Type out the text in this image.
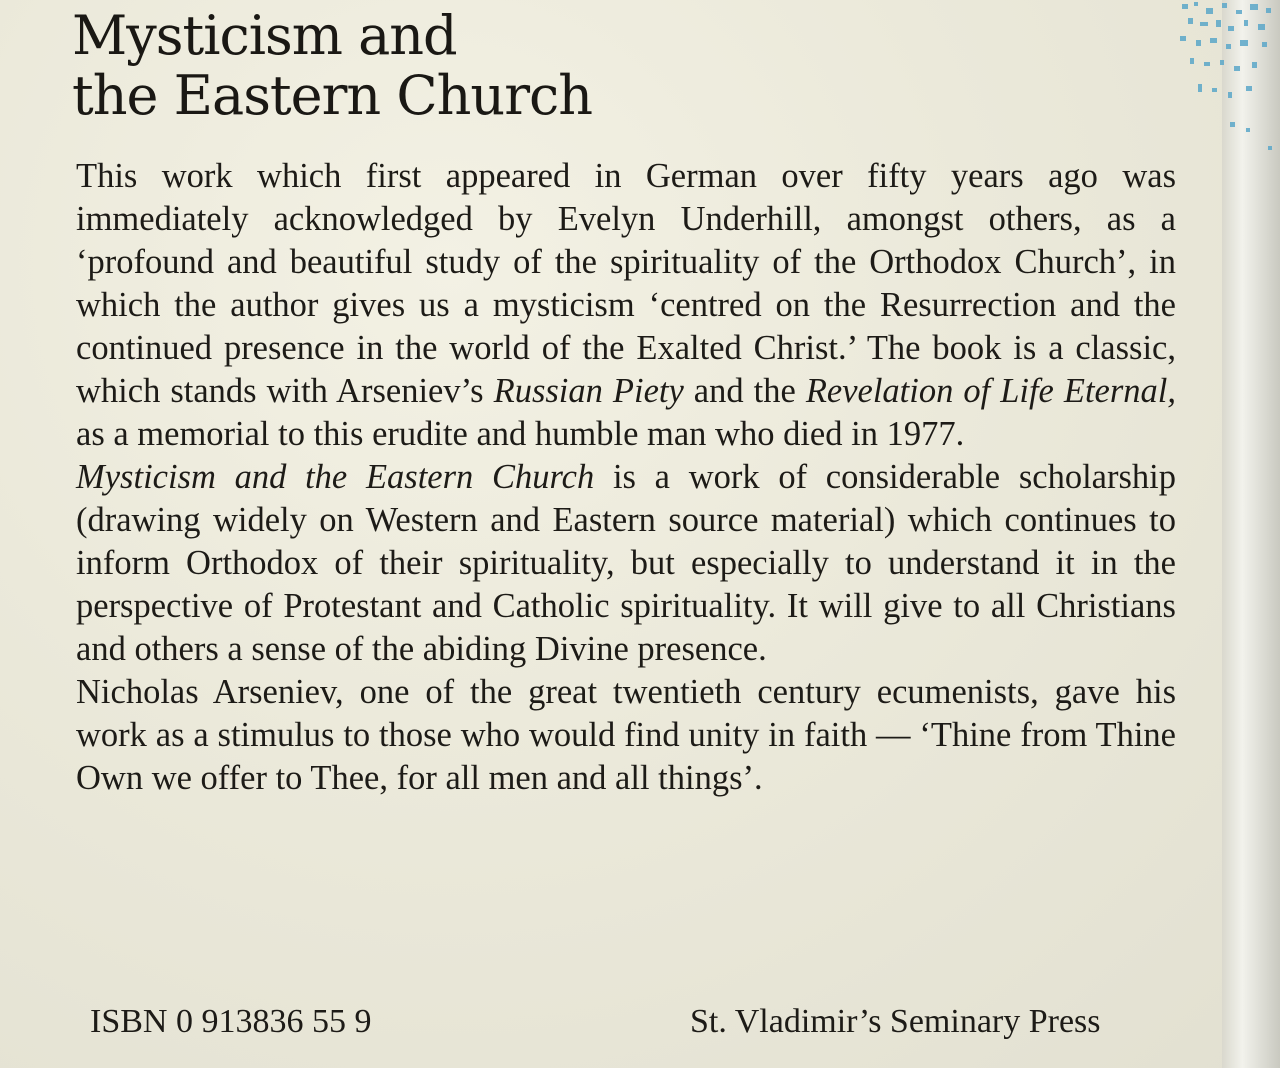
Mysticism and
the Eastern Church

This work which first appeared in German over fifty years ago was immediately acknowledged by Evelyn Underhill, amongst others, as a ‘profound and beautiful study of the spirituality of the Orthodox Church’, in which the author gives us a mysticism ‘centred on the Resurrection and the continued presence in the world of the Exalted Christ.’ The book is a classic, which stands with Arseniev’s Russian Piety and the Revelation of Life Eternal, as a memorial to this erudite and humble man who died in 1977.

Mysticism and the Eastern Church is a work of considerable scholarship (drawing widely on Western and Eastern source material) which continues to inform Orthodox of their spirituality, but especially to understand it in the perspective of Protestant and Catholic spirituality. It will give to all Christians and others a sense of the abiding Divine presence.

Nicholas Arseniev, one of the great twentieth century ecumenists, gave his work as a stimulus to those who would find unity in faith — ‘Thine from Thine Own we offer to Thee, for all men and all things’.

ISBN 0 913836 55 9	St. Vladimir’s Seminary Press
